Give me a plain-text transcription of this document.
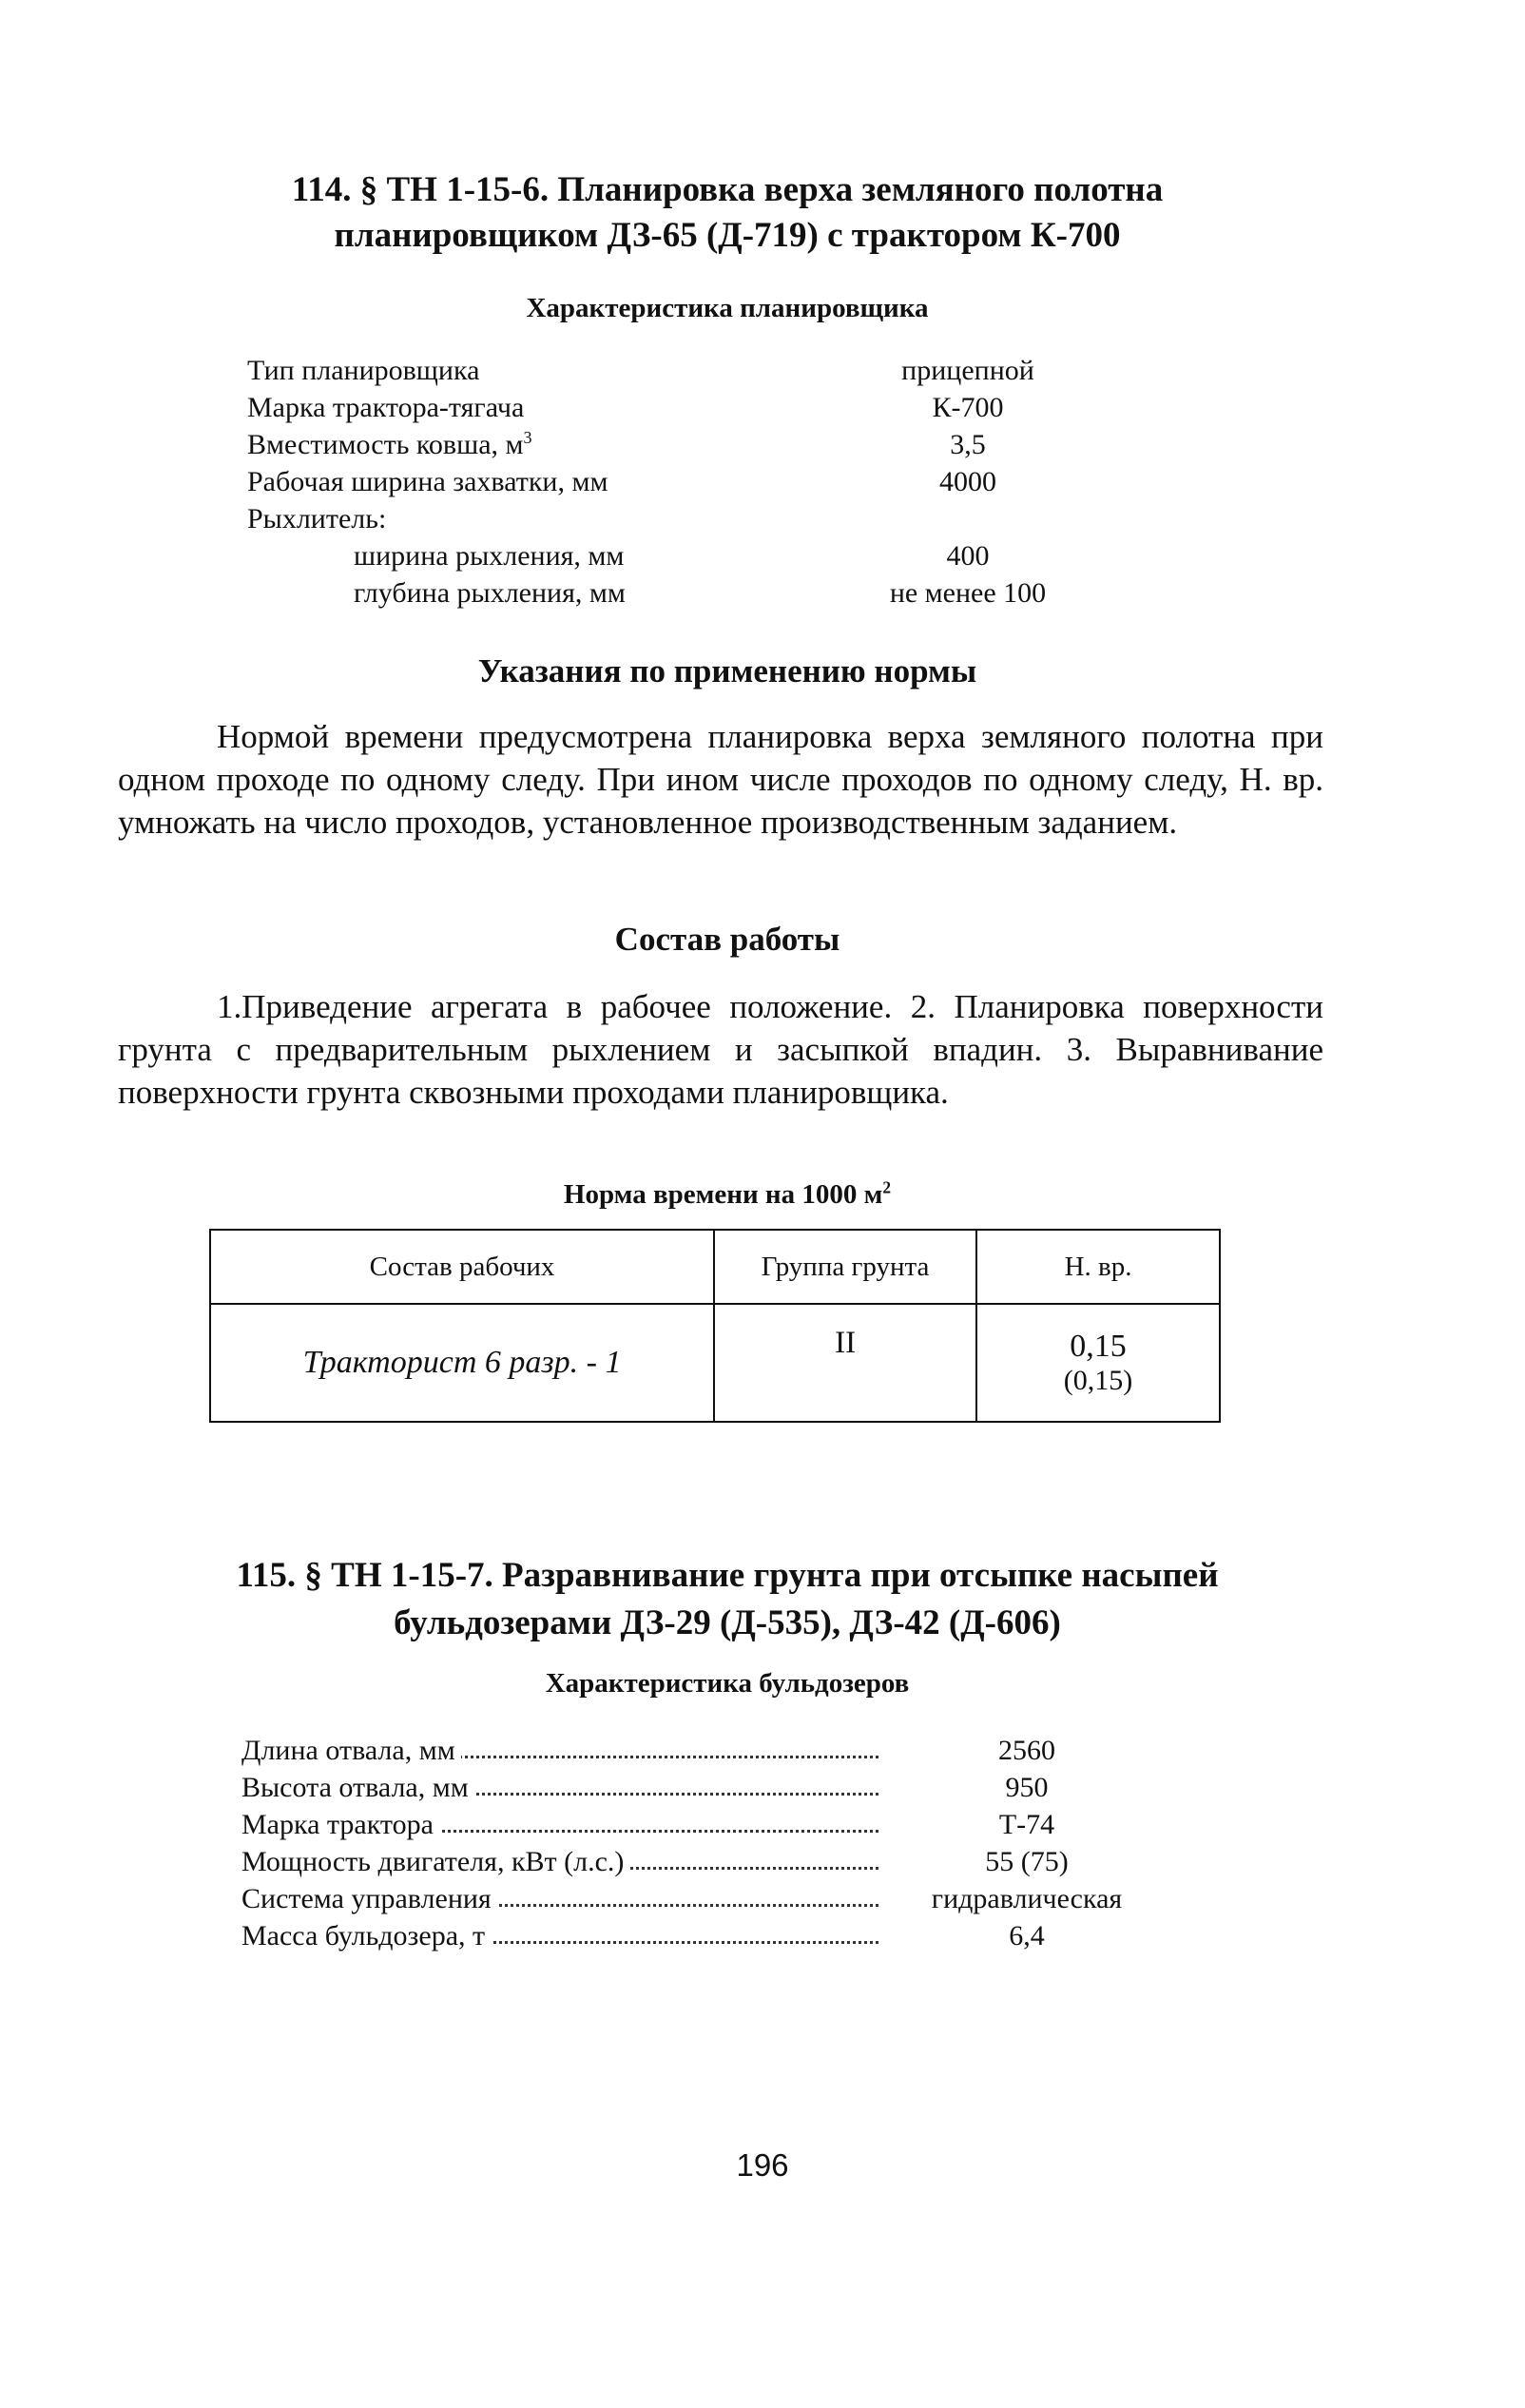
114. § ТН 1-15-6. Планировка верха земляного полотна
планировщиком ДЗ-65 (Д-719) с трактором К-700
Характеристика планировщика
Тип планировщика	прицепной
Марка трактора-тягача	К-700
Вместимость ковша, $м^3$	3,5
Рабочая ширина захватки, мм	4000
Рыхлитель:
ширина рыхления, мм	400
глубина рыхления, мм	не менее 100
Указания по применению нормы
Нормой времени предусмотрена планировка верха земляного полотна при одном проходе по одному следу. При ином числе проходов по одному следу, Н. вр. умножать на число проходов, установленное производственным заданием.
Состав работы
1.Приведение агрегата в рабочее положение. 2. Планировка поверхности грунта с предварительным рыхлением и засыпкой впадин. 3. Выравнивание поверхности грунта сквозными проходами планировщика.
Норма времени на 1000 $м^2$
Состав рабочих	Группа грунта	Н. вр.
Тракторист 6 разр. - 1	II	0,15
(0,15)
115. § ТН 1-15-7. Разравнивание грунта при отсыпке насыпей
бульдозерами ДЗ-29 (Д-535), ДЗ-42 (Д-606)
Характеристика бульдозеров
Длина отвала, мм	2560
Высота отвала, мм	950
Марка трактора	Т-74
Мощность двигателя, кВт (л.с.)	55 (75)
Система управления	гидравлическая
Масса бульдозера, т	6,4
196
